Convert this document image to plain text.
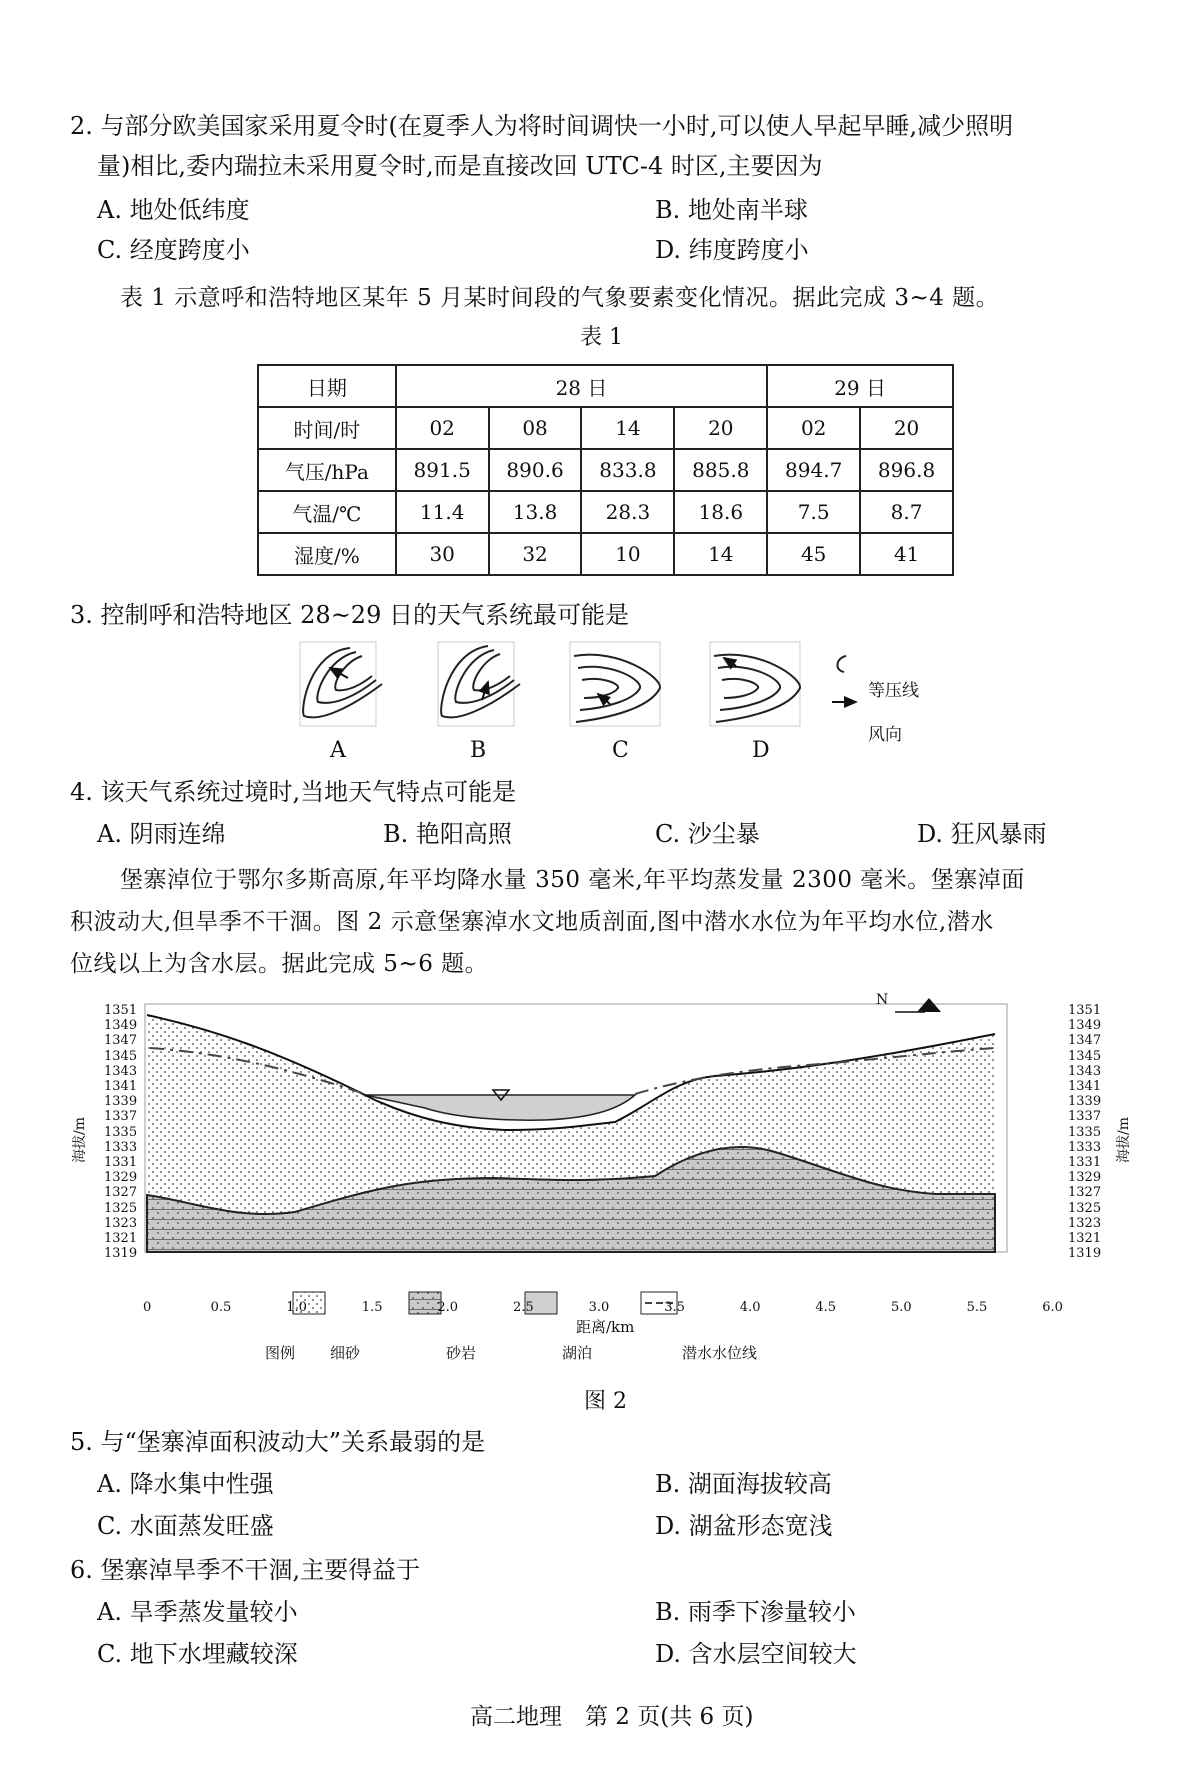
2. 与部分欧美国家采用夏令时(在夏季人为将时间调快一小时,可以使人早起早睡,减少照明
量)相比,委内瑞拉未采用夏令时,而是直接改回 UTC-4 时区,主要因为
A. 地处低纬度	B. 地处南半球
C. 经度跨度小	D. 纬度跨度小
表 1 示意呼和浩特地区某年 5 月某时间段的气象要素变化情况。据此完成 3~4 题。
表 1
日期	28 日				29 日	
时间/时	02	08	14	20	02	20
气压/hPa	891.5	890.6	833.8	885.8	894.7	896.8
气温/℃	11.4	13.8	28.3	18.6	7.5	8.7
湿度/%	30	32	10	14	45	41
3. 控制呼和浩特地区 28~29 日的天气系统最可能是
等压线
风向
A	B	C	D
4. 该天气系统过境时,当地天气特点可能是
A. 阴雨连绵	B. 艳阳高照	C. 沙尘暴	D. 狂风暴雨
堡寨淖位于鄂尔多斯高原,年平均降水量 350 毫米,年平均蒸发量 2300 毫米。堡寨淖面
积波动大,但旱季不干涸。图 2 示意堡寨淖水文地质剖面,图中潜水水位为年平均水位,潜水
位线以上为含水层。据此完成 5~6 题。
N
海拔/m	海拔/m
1351
1349
1347
1345
1343
1341
1339
1337
1335
1333
1331
1329
1327
1325
1323
1321
1319
1351
1349
1347
1345
1343
1341
1339
1337
1335
1333
1331
1329
1327
1325
1323
1321
1319
0	0.5	1.0	1.5	2.0	2.5	3.0	3.5	4.0	4.5	5.0	5.5	6.0
距离/km
图例 细砂	砂岩	湖泊	潜水水位线
图 2
5. 与“堡寨淖面积波动大”关系最弱的是
A. 降水集中性强	B. 湖面海拔较高
C. 水面蒸发旺盛	D. 湖盆形态宽浅
6. 堡寨淖旱季不干涸,主要得益于
A. 旱季蒸发量较小	B. 雨季下渗量较小
C. 地下水埋藏较深	D. 含水层空间较大
高二地理　第 2 页(共 6 页)
